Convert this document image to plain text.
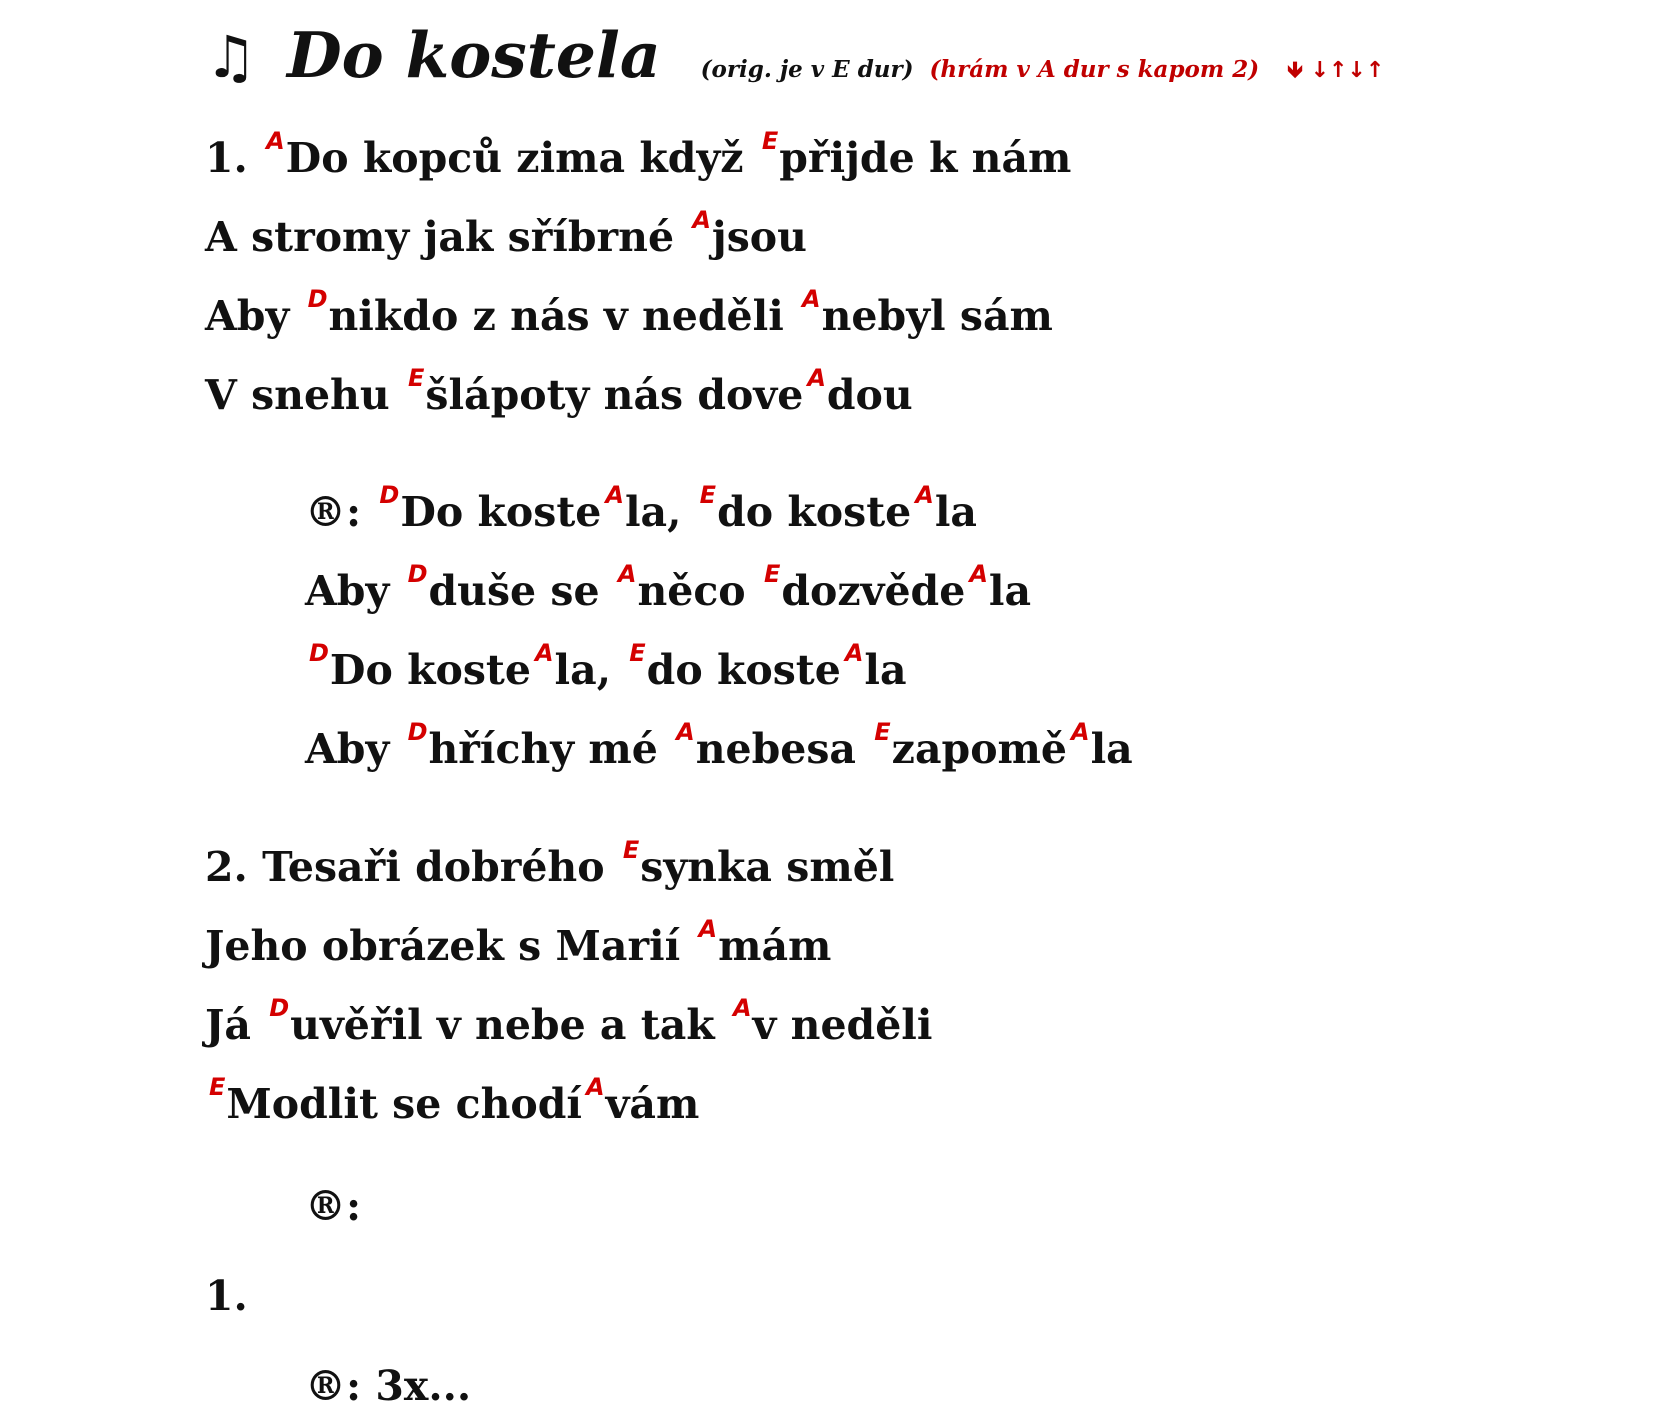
♫ Do kostela (orig. je v E dur) (hrám v A dur s kapom 2) 🡻 ↓↑↓↑
1. $^A$Do kopců zima když $^E$přijde k nám
A stromy jak sříbrné $^A$jsou
Aby $^D$nikdo z nás v neděli $^A$nebyl sám
V snehu $^E$šlápoty nás dove $^A$dou
®: $^D$Do koste $^A$la, $^E$do koste $^A$la
Aby $^D$duše se $^A$něco $^E$dozvěde $^A$la
$^D$Do koste $^A$la, $^E$do koste $^A$la
Aby $^D$hříchy mé $^A$nebesa $^E$zapomě $^A$la
2. Tesaři dobrého $^E$synka směl
Jeho obrázek s Marií $^A$mám
Já $^D$uvěřil v nebe a tak $^A$v neděli
$^E$Modlit se chodí $^A$vám
®:
1.
®: 3x...
